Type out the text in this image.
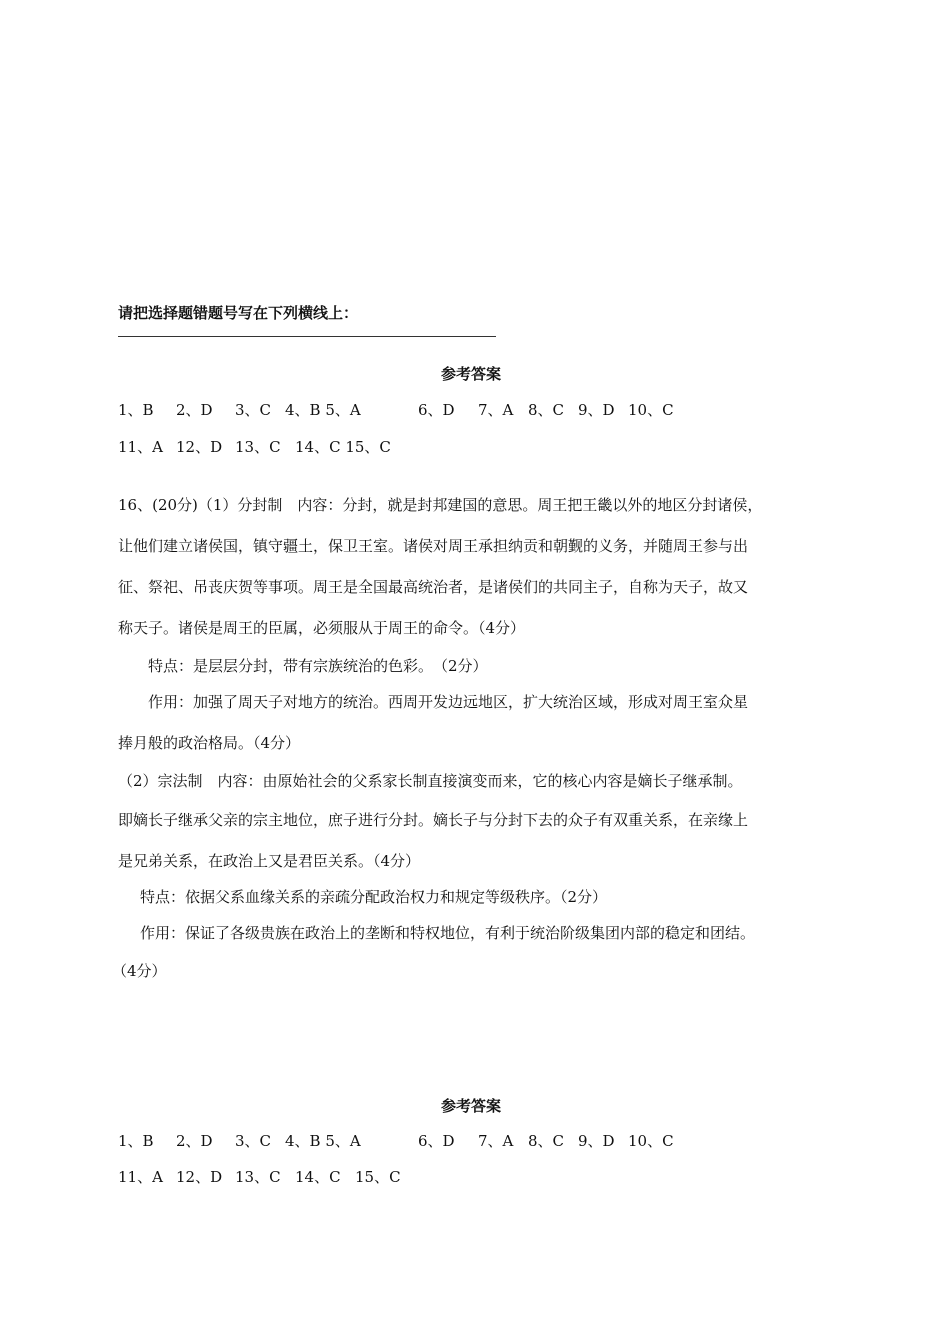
请把选择题错题号写在下列横线上：
参考答案
1、B 2、D 3、C 4、B 5、A	6、D 7、A 8、C 9、D 10、C
11、A 12、D 13、C 14、C 15、C
16、(20分)（1）分封制　内容：分封，就是封邦建国的意思。周王把王畿以外的地区分封诸侯，
让他们建立诸侯国，镇守疆土，保卫王室。诸侯对周王承担纳贡和朝觐的义务，并随周王参与出
征、祭祀、吊丧庆贺等事项。周王是全国最高统治者，是诸侯们的共同主子，自称为天子，故又
称天子。诸侯是周王的臣属，必须服从于周王的命令。（4分）
特点：是层层分封，带有宗族统治的色彩。　（2分）
作用：加强了周天子对地方的统治。西周开发边远地区，扩大统治区域，形成对周王室众星
捧月般的政治格局。（4分）
（2）宗法制　内容：由原始社会的父系家长制直接演变而来，它的核心内容是嫡长子继承制。
即嫡长子继承父亲的宗主地位，庶子进行分封。嫡长子与分封下去的众子有双重关系，在亲缘上
是兄弟关系，在政治上又是君臣关系。（4分）
特点：依据父系血缘关系的亲疏分配政治权力和规定等级秩序。（2分）
作用：保证了各级贵族在政治上的垄断和特权地位，有利于统治阶级集团内部的稳定和团结。
（4分）
参考答案
1、B 2、D 3、C 4、B 5、A	6、D 7、A 8、C 9、D 10、C
11、A 12、D 13、C 14、C 15、C
